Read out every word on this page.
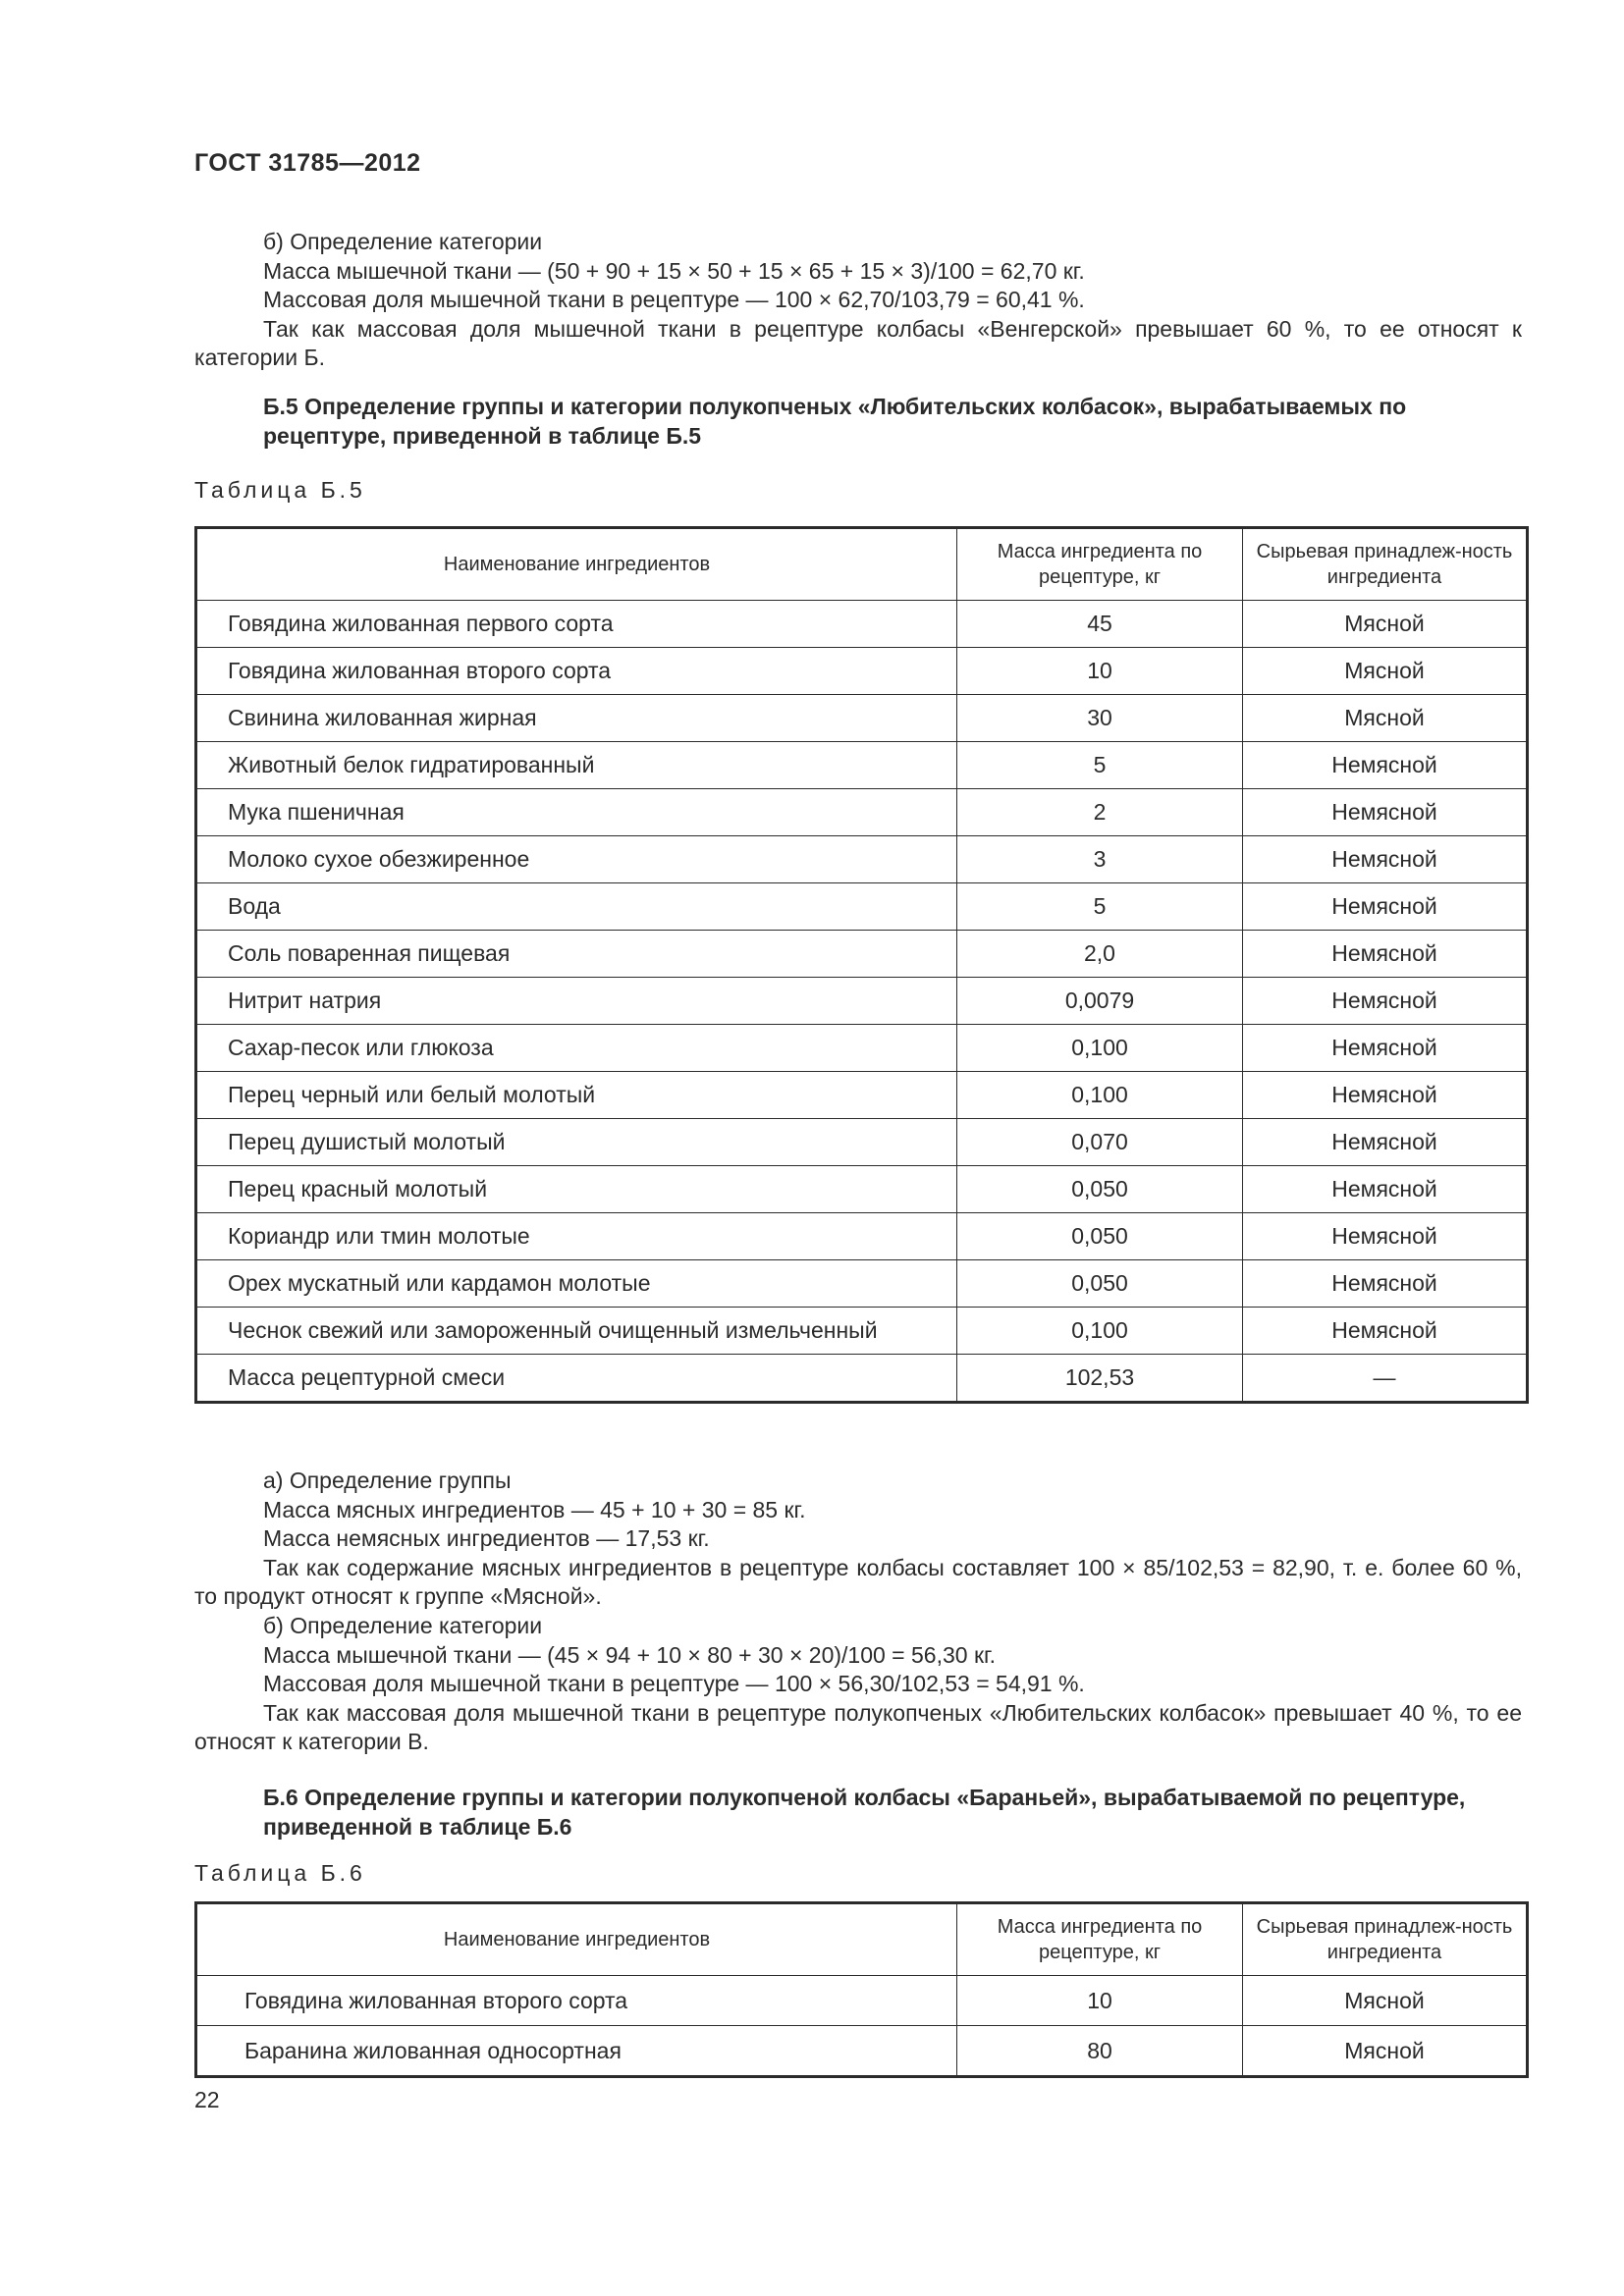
ГОСТ 31785—2012

б) Определение категории

Масса мышечной ткани — (50 + 90 + 15 × 50 + 15 × 65 + 15 × 3)/100 = 62,70 кг.

Массовая доля мышечной ткани в рецептуре — 100 × 62,70/103,79 = 60,41 %.

Так как массовая доля мышечной ткани в рецептуре колбасы «Венгерской» превышает 60 %, то ее относят к категории Б.

Б.5 Определение группы и категории полукопченых «Любительских колбасок», вырабатываемых по рецептуре, приведенной в таблице Б.5

Таблица Б.5

Наименование ингредиентов	Масса ингредиента по рецептуре, кг	Сырьевая принадлеж-ность ингредиента
Говядина жилованная первого сорта	45	Мясной
Говядина жилованная второго сорта	10	Мясной
Свинина жилованная жирная	30	Мясной
Животный белок гидратированный	5	Немясной
Мука пшеничная	2	Немясной
Молоко сухое обезжиренное	3	Немясной
Вода	5	Немясной
Соль поваренная пищевая	2,0	Немясной
Нитрит натрия	0,0079	Немясной
Сахар-песок или глюкоза	0,100	Немясной
Перец черный или белый молотый	0,100	Немясной
Перец душистый молотый	0,070	Немясной
Перец красный молотый	0,050	Немясной
Кориандр или тмин молотые	0,050	Немясной
Орех мускатный или кардамон молотые	0,050	Немясной
Чеснок свежий или замороженный очищенный измельченный	0,100	Немясной
Масса рецептурной смеси	102,53	—

а) Определение группы

Масса мясных ингредиентов — 45 + 10 + 30 = 85 кг.

Масса немясных ингредиентов — 17,53 кг.

Так как содержание мясных ингредиентов в рецептуре колбасы составляет 100 × 85/102,53 = 82,90, т. е. более 60 %, то продукт относят к группе «Мясной».

б) Определение категории

Масса мышечной ткани — (45 × 94 + 10 × 80 + 30 × 20)/100 = 56,30 кг.

Массовая доля мышечной ткани в рецептуре — 100 × 56,30/102,53 = 54,91 %.

Так как массовая доля мышечной ткани в рецептуре полукопченых «Любительских колбасок» превышает 40 %, то ее относят к категории В.

Б.6 Определение группы и категории полукопченой колбасы «Бараньей», вырабатываемой по рецептуре, приведенной в таблице Б.6

Таблица Б.6

Наименование ингредиентов	Масса ингредиента по рецептуре, кг	Сырьевая принадлеж-ность ингредиента
Говядина жилованная второго сорта	10	Мясной
Баранина жилованная односортная	80	Мясной
22
